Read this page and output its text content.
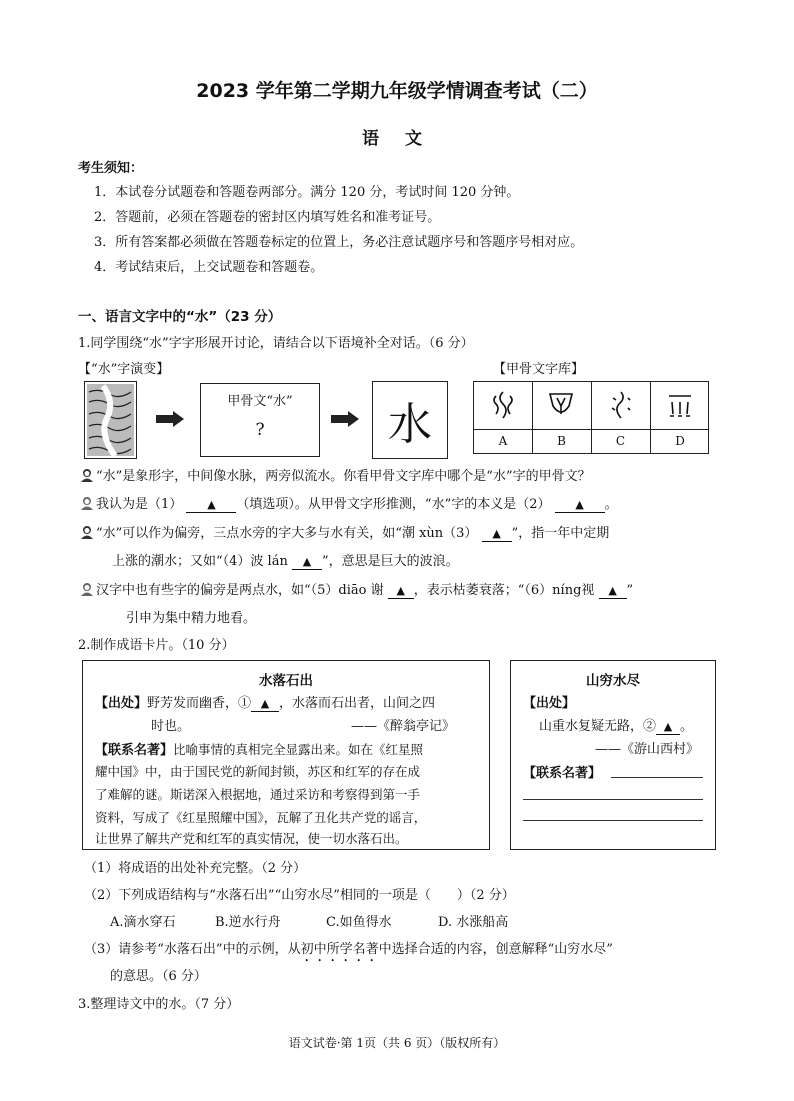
2023 学年第二学期九年级学情调查考试（二）
语 文
考生须知：
1．本试卷分试题卷和答题卷两部分。满分 120 分，考试时间 120 分钟。
2．答题前，必须在答题卷的密封区内填写姓名和准考证号。
3．所有答案都必须做在答题卷标定的位置上，务必注意试题序号和答题序号相对应。
4．考试结束后，上交试题卷和答题卷。
一、语言文字中的“水”（23 分）
1.同学围绕“水”字字形展开讨论，请结合以下语境补全对话。（6 分）
【“水”字演变】	【甲骨文字库】
甲骨文“水”
?	水	A	B	C	D
“水”是象形字，中间像水脉，两旁似流水。你看甲骨文字库中哪个是“水”字的甲骨文？
我认为是（1） ▲ （填选项）。从甲骨文字形推测，“水”字的本义是（2） ▲ 。
“水”可以作为偏旁，三点水旁的字大多与水有关，如“潮 xùn（3） ▲ ”，指一年中定期
上涨的潮水；又如“（4）波 lán ▲ ”，意思是巨大的波浪。
汉字中也有些字的偏旁是两点水，如“（5）diāo 谢 ▲ ，表示枯萎衰落；“（6）níng视 ▲ ”
引申为集中精力地看。
2.制作成语卡片。（10 分）
水落石出
【出处】野芳发而幽香，① ▲ ，水落而石出者，山间之四
时也。	——《醉翁亭记》
【联系名著】比喻事情的真相完全显露出来。如在《红星照
耀中国》中，由于国民党的新闻封锁，苏区和红军的存在成
了难解的谜。斯诺深入根据地，通过采访和考察得到第一手
资料，写成了《红星照耀中国》，瓦解了丑化共产党的谣言，
让世界了解共产党和红军的真实情况，使一切水落石出。
山穷水尽
【出处】
山重水复疑无路，② ▲ 。
——《游山西村》
【联系名著】
（1）将成语的出处补充完整。（2 分）
（2）下列成语结构与“水落石出”“山穷水尽”相同的一项是（　　）（2 分）
A.滴水穿石	B.逆水行舟	C.如鱼得水	D. 水涨船高
（3）请参考“水落石出”中的示例，从初中所学名著中选择合适的内容，创意解释“山穷水尽”
的意思。（6 分）
3.整理诗文中的水。（7 分）
语文试卷·第 1页（共 6 页）（版权所有）
